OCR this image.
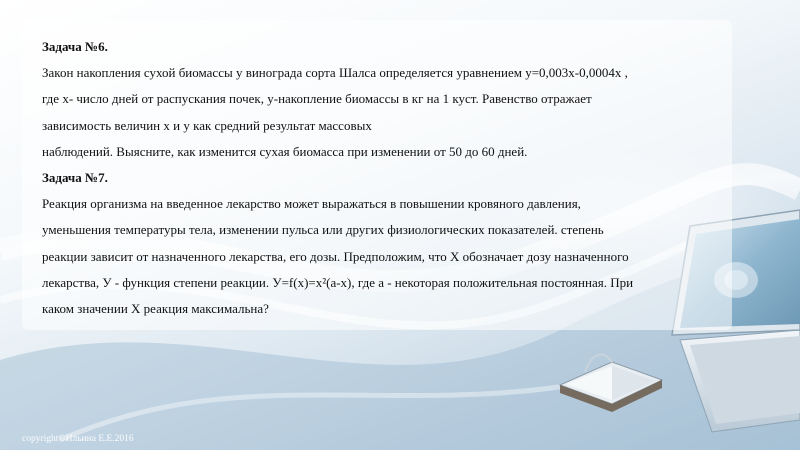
Задача №6.
Закон накопления сухой биомассы у винограда сорта Шалса определяется уравнением у=0,003х-0,0004х ,
где х- число дней от распускания почек, у-накопление биомассы в кг на 1 куст. Равенство отражает
зависимость величин х и у как средний результат массовых
наблюдений. Выясните, как изменится сухая биомасса при изменении от 50 до 60 дней.
Задача №7.
Реакция организма на введенное лекарство может выражаться в повышении кровяного давления,
уменьшения температуры тела, изменении пульса или других физиологических показателей. степень
реакции зависит от назначенного лекарства, его дозы. Предположим, что X обозначает дозу назначенного
лекарства, У - функция степени реакции. У=f(х)=х²(а-х), где а - некоторая положительная постоянная. При
каком значении X реакция максимальна?
copyright©Ильина Е.Е.2016
